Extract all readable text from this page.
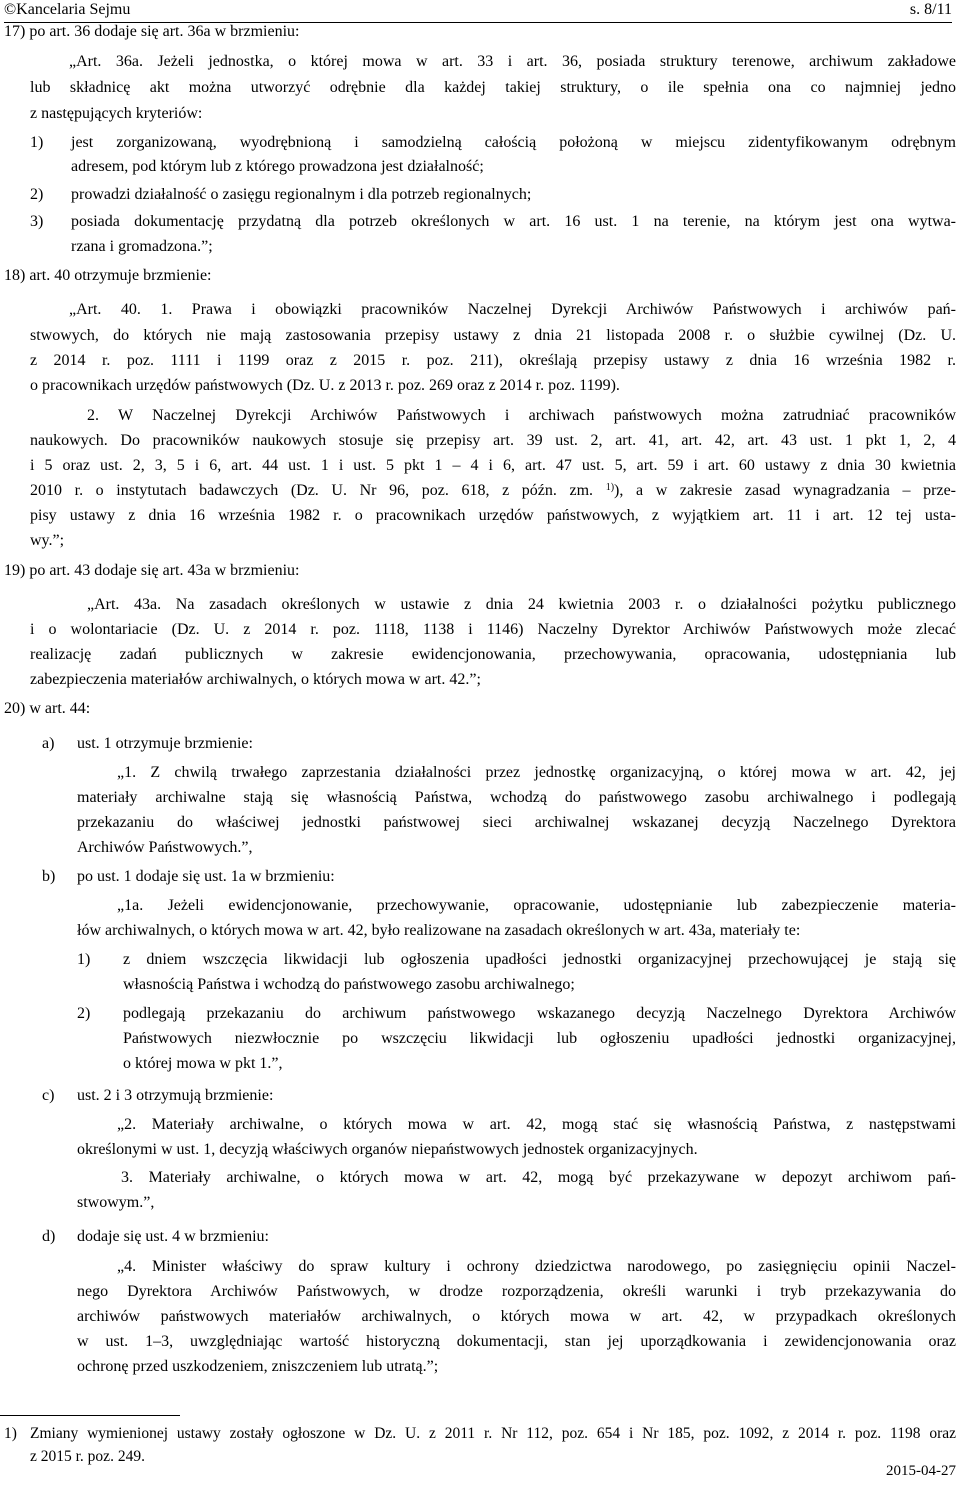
©Kancelaria Sejmu	s. 8/11
17) po art. 36 dodaje się art. 36a w brzmieniu:
„Art. 36a. Jeżeli jednostka, o której mowa w art. 33 i art. 36, posiada struktury terenowe, archiwum zakładowe
lub składnicę akt można utworzyć odrębnie dla każdej takiej struktury, o ile spełnia ona co najmniej jedno
z następujących kryteriów:
1) jest zorganizowaną, wyodrębnioną i samodzielną całością położoną w miejscu zidentyfikowanym odrębnym
adresem, pod którym lub z którego prowadzona jest działalność;
2) prowadzi działalność o zasięgu regionalnym i dla potrzeb regionalnych;
3) posiada dokumentację przydatną dla potrzeb określonych w art. 16 ust. 1 na terenie, na którym jest ona wytwa-
rzana i gromadzona.”;
18) art. 40 otrzymuje brzmienie:
„Art. 40. 1. Prawa i obowiązki pracowników Naczelnej Dyrekcji Archiwów Państwowych i archiwów pań-
stwowych, do których nie mają zastosowania przepisy ustawy z dnia 21 listopada 2008 r. o służbie cywilnej (Dz. U.
z 2014 r. poz. 1111 i 1199 oraz z 2015 r. poz. 211), określają przepisy ustawy z dnia 16 września 1982 r.
o pracownikach urzędów państwowych (Dz. U. z 2013 r. poz. 269 oraz z 2014 r. poz. 1199).
2. W Naczelnej Dyrekcji Archiwów Państwowych i archiwach państwowych można zatrudniać pracowników
naukowych. Do pracowników naukowych stosuje się przepisy art. 39 ust. 2, art. 41, art. 42, art. 43 ust. 1 pkt 1, 2, 4
i 5 oraz ust. 2, 3, 5 i 6, art. 44 ust. 1 i ust. 5 pkt 1 – 4 i 6, art. 47 ust. 5, art. 59 i art. 60 ustawy z dnia 30 kwietnia
2010 r. o instytutach badawczych (Dz. U. Nr 96, poz. 618, z późn. zm. $^{1)}$), a w zakresie zasad wynagradzania – prze-
pisy ustawy z dnia 16 września 1982 r. o pracownikach urzędów państwowych, z wyjątkiem art. 11 i art. 12 tej usta-
wy.”;
19) po art. 43 dodaje się art. 43a w brzmieniu:
„Art. 43a. Na zasadach określonych w ustawie z dnia 24 kwietnia 2003 r. o działalności pożytku publicznego
i o wolontariacie (Dz. U. z 2014 r. poz. 1118, 1138 i 1146) Naczelny Dyrektor Archiwów Państwowych może zlecać
realizację zadań publicznych w zakresie ewidencjonowania, przechowywania, opracowania, udostępniania lub
zabezpieczenia materiałów archiwalnych, o których mowa w art. 42.”;
20) w art. 44:
a) ust. 1 otrzymuje brzmienie:
„1. Z chwilą trwałego zaprzestania działalności przez jednostkę organizacyjną, o której mowa w art. 42, jej
materiały archiwalne stają się własnością Państwa, wchodzą do państwowego zasobu archiwalnego i podlegają
przekazaniu do właściwej jednostki państwowej sieci archiwalnej wskazanej decyzją Naczelnego Dyrektora
Archiwów Państwowych.”,
b) po ust. 1 dodaje się ust. 1a w brzmieniu:
„1a. Jeżeli ewidencjonowanie, przechowywanie, opracowanie, udostępnianie lub zabezpieczenie materia-
łów archiwalnych, o których mowa w art. 42, było realizowane na zasadach określonych w art. 43a, materiały te:
1) z dniem wszczęcia likwidacji lub ogłoszenia upadłości jednostki organizacyjnej przechowującej je stają się
własnością Państwa i wchodzą do państwowego zasobu archiwalnego;
2) podlegają przekazaniu do archiwum państwowego wskazanego decyzją Naczelnego Dyrektora Archiwów
Państwowych niezwłocznie po wszczęciu likwidacji lub ogłoszeniu upadłości jednostki organizacyjnej,
o której mowa w pkt 1.”,
c) ust. 2 i 3 otrzymują brzmienie:
„2. Materiały archiwalne, o których mowa w art. 42, mogą stać się własnością Państwa, z następstwami
określonymi w ust. 1, decyzją właściwych organów niepaństwowych jednostek organizacyjnych.
3. Materiały archiwalne, o których mowa w art. 42, mogą być przekazywane w depozyt archiwom pań-
stwowym.”,
d) dodaje się ust. 4 w brzmieniu:
„4. Minister właściwy do spraw kultury i ochrony dziedzictwa narodowego, po zasięgnięciu opinii Naczel-
nego Dyrektora Archiwów Państwowych, w drodze rozporządzenia, określi warunki i tryb przekazywania do
archiwów państwowych materiałów archiwalnych, o których mowa w art. 42, w przypadkach określonych
w ust. 1–3, uwzględniając wartość historyczną dokumentacji, stan jej uporządkowania i zewidencjonowania oraz
ochronę przed uszkodzeniem, zniszczeniem lub utratą.”;
1) Zmiany wymienionej ustawy zostały ogłoszone w Dz. U. z 2011 r. Nr 112, poz. 654 i Nr 185, poz. 1092, z 2014 r. poz. 1198 oraz
z 2015 r. poz. 249.
2015-04-27
